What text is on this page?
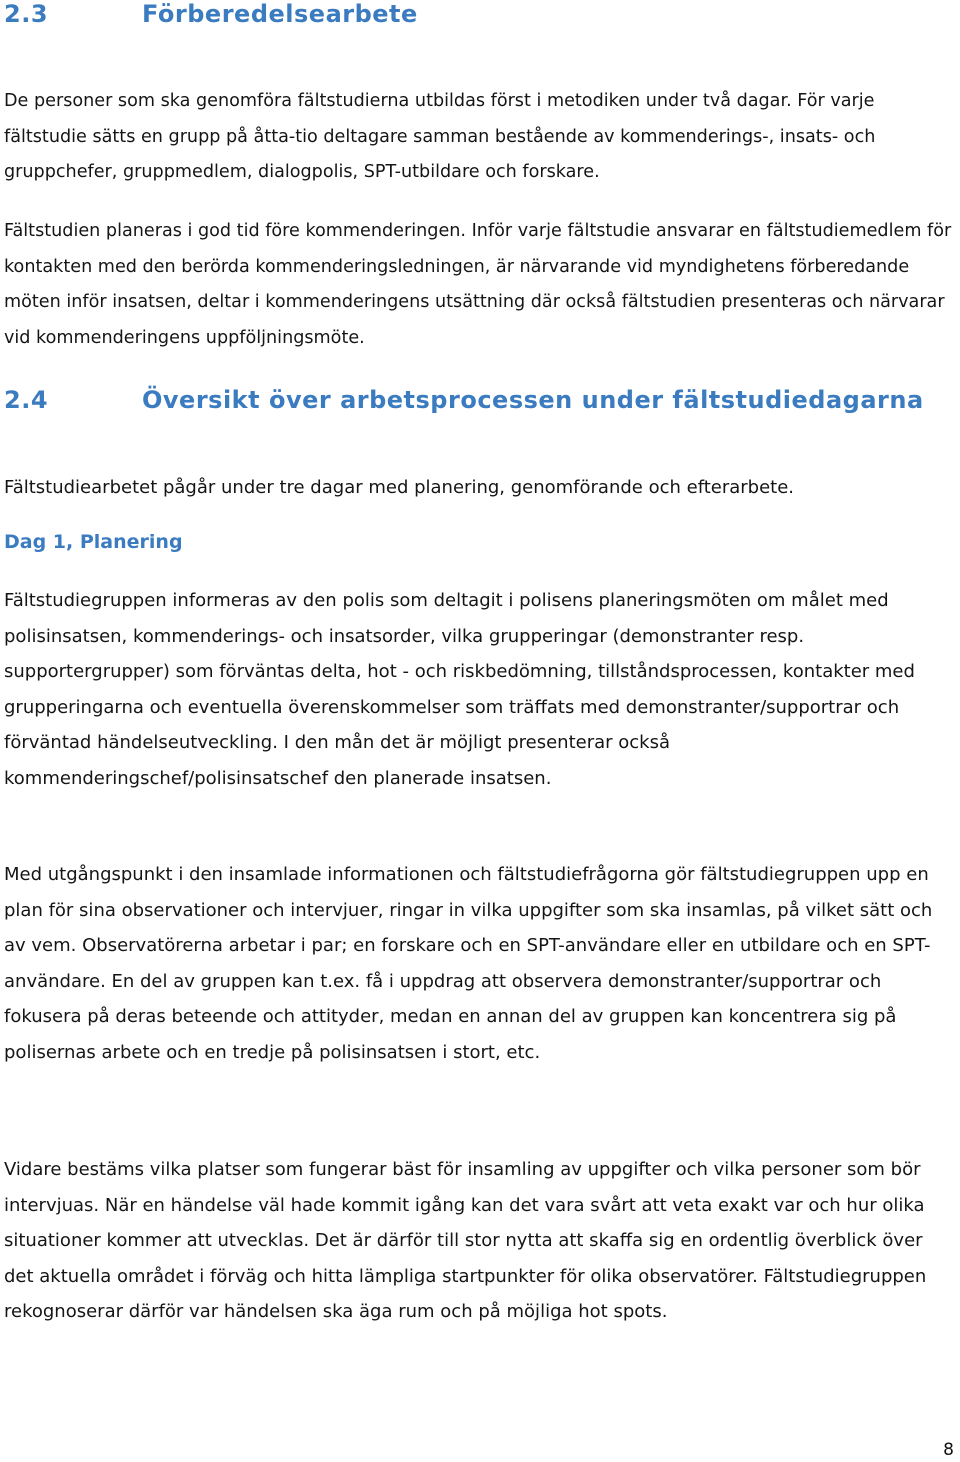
2.3	Förberedelsearbete

De personer som ska genomföra fältstudierna utbildas först i metodiken under två dagar. För varje fältstudie sätts en grupp på åtta-tio deltagare samman bestående av kommenderings-, insats- och gruppchefer, gruppmedlem, dialogpolis, SPT-utbildare och forskare.

Fältstudien planeras i god tid före kommenderingen. Inför varje fältstudie ansvarar en fältstudiemedlem för kontakten med den berörda kommenderingsledningen, är närvarande vid myndighetens förberedande möten inför insatsen, deltar i kommenderingens utsättning där också fältstudien presenteras och närvarar vid kommenderingens uppföljningsmöte.

2.4	Översikt över arbetsprocessen under fältstudiedagarna

Fältstudiearbetet pågår under tre dagar med planering, genomförande och efterarbete.

Dag 1, Planering

Fältstudiegruppen informeras av den polis som deltagit i polisens planeringsmöten om målet med polisinsatsen, kommenderings- och insatsorder, vilka grupperingar (demonstranter resp. supportergrupper) som förväntas delta, hot - och riskbedömning, tillståndsprocessen, kontakter med grupperingarna och eventuella överenskommelser som träffats med demonstranter/supportrar och förväntad händelseutveckling. I den mån det är möjligt presenterar också kommenderingschef/polisinsatschef den planerade insatsen.

Med utgångspunkt i den insamlade informationen och fältstudiefrågorna gör fältstudiegruppen upp en plan för sina observationer och intervjuer, ringar in vilka uppgifter som ska insamlas, på vilket sätt och av vem. Observatörerna arbetar i par; en forskare och en SPT-användare eller en utbildare och en SPT-användare. En del av gruppen kan t.ex. få i uppdrag att observera demonstranter/supportrar och fokusera på deras beteende och attityder, medan en annan del av gruppen kan koncentrera sig på polisernas arbete och en tredje på polisinsatsen i stort, etc.

Vidare bestäms vilka platser som fungerar bäst för insamling av uppgifter och vilka personer som bör intervjuas. När en händelse väl hade kommit igång kan det vara svårt att veta exakt var och hur olika situationer kommer att utvecklas. Det är därför till stor nytta att skaffa sig en ordentlig överblick över det aktuella området i förväg och hitta lämpliga startpunkter för olika observatörer. Fältstudiegruppen rekognoserar därför var händelsen ska äga rum och på möjliga hot spots.

8
